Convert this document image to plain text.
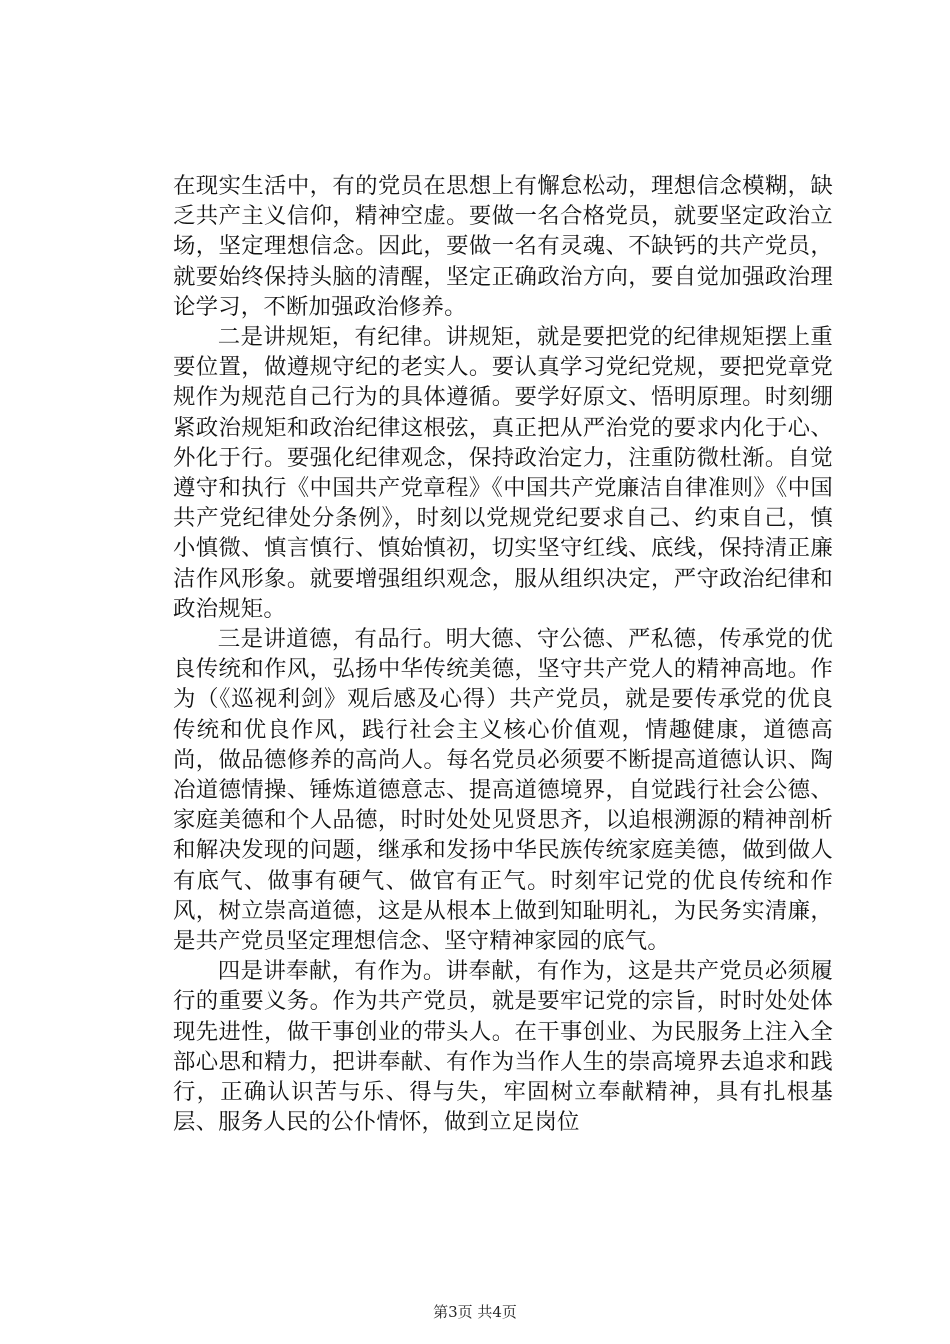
在现实生活中，有的党员在思想上有懈怠松动，理想信念模糊，缺乏共产主义信仰，精神空虚。要做一名合格党员，就要坚定政治立场，坚定理想信念。因此，要做一名有灵魂、不缺钙的共产党员，就要始终保持头脑的清醒，坚定正确政治方向，要自觉加强政治理论学习，不断加强政治修养。

二是讲规矩，有纪律。讲规矩，就是要把党的纪律规矩摆上重要位置，做遵规守纪的老实人。要认真学习党纪党规，要把党章党规作为规范自己行为的具体遵循。要学好原文、悟明原理。时刻绷紧政治规矩和政治纪律这根弦，真正把从严治党的要求内化于心、外化于行。要强化纪律观念，保持政治定力，注重防微杜渐。自觉遵守和执行《中国共产党章程》《中国共产党廉洁自律准则》《中国共产党纪律处分条例》，时刻以党规党纪要求自己、约束自己，慎小慎微、慎言慎行、慎始慎初，切实坚守红线、底线，保持清正廉洁作风形象。就要增强组织观念，服从组织决定，严守政治纪律和政治规矩。

三是讲道德，有品行。明大德、守公德、严私德，传承党的优良传统和作风，弘扬中华传统美德，坚守共产党人的精神高地。作为（《巡视利剑》观后感及心得）共产党员，就是要传承党的优良传统和优良作风，践行社会主义核心价值观，情趣健康，道德高尚，做品德修养的高尚人。每名党员必须要不断提高道德认识、陶冶道德情操、锤炼道德意志、提高道德境界，自觉践行社会公德、家庭美德和个人品德，时时处处见贤思齐，以追根溯源的精神剖析和解决发现的问题，继承和发扬中华民族传统家庭美德，做到做人有底气、做事有硬气、做官有正气。时刻牢记党的优良传统和作风，树立崇高道德，这是从根本上做到知耻明礼，为民务实清廉，是共产党员坚定理想信念、坚守精神家园的底气。

四是讲奉献，有作为。讲奉献，有作为，这是共产党员必须履行的重要义务。作为共产党员，就是要牢记党的宗旨，时时处处体现先进性，做干事创业的带头人。在干事创业、为民服务上注入全部心思和精力，把讲奉献、有作为当作人生的崇高境界去追求和践行，正确认识苦与乐、得与失，牢固树立奉献精神，具有扎根基层、服务人民的公仆情怀，做到立足岗位

第3页 共4页
